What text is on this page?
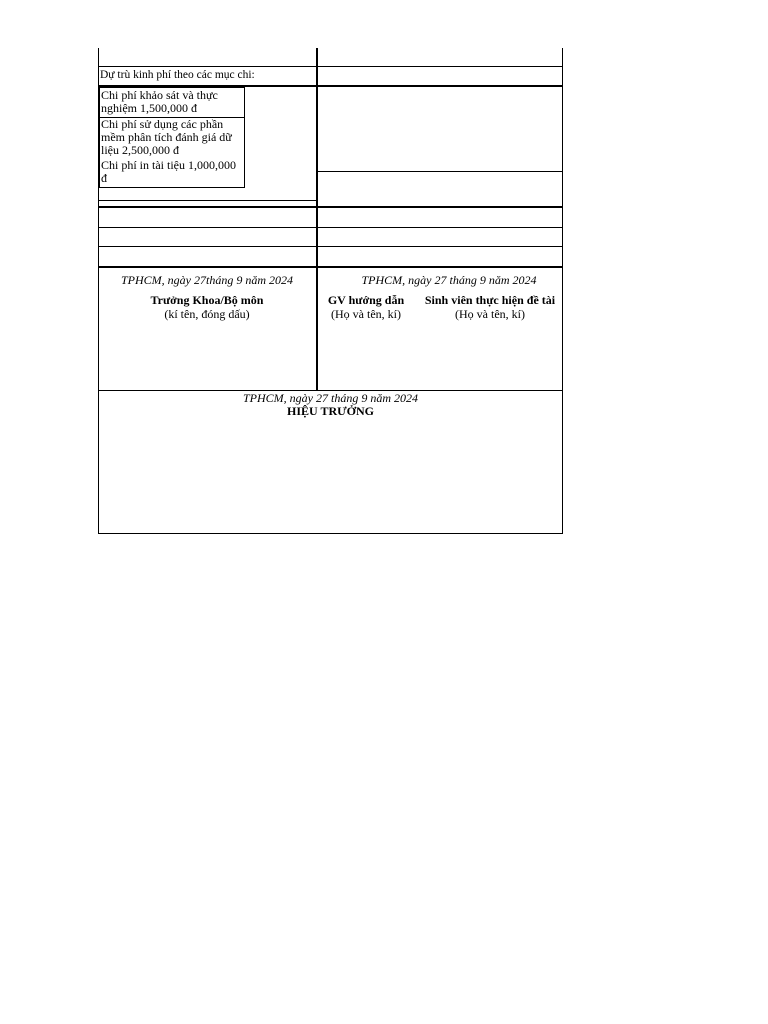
Dự trù kinh phí theo các mục chi:
Chi phí khảo sát và thực nghiệm 1,500,000 đ
Chi phí sử dụng các phần mềm phân tích đánh giá dữ liệu 2,500,000 đ
Chi phí in tài tiệu 1,000,000 đ
TPHCM, ngày 27tháng 9 năm 2024
Trưởng Khoa/Bộ môn
(kí tên, đóng dấu)
TPHCM, ngày 27 tháng 9 năm 2024
GV hướng dẫn
(Họ và tên, kí)
Sinh viên thực hiện đề tài
(Họ và tên, kí)
TPHCM, ngày 27 tháng 9 năm 2024
HIỆU TRƯỞNG
